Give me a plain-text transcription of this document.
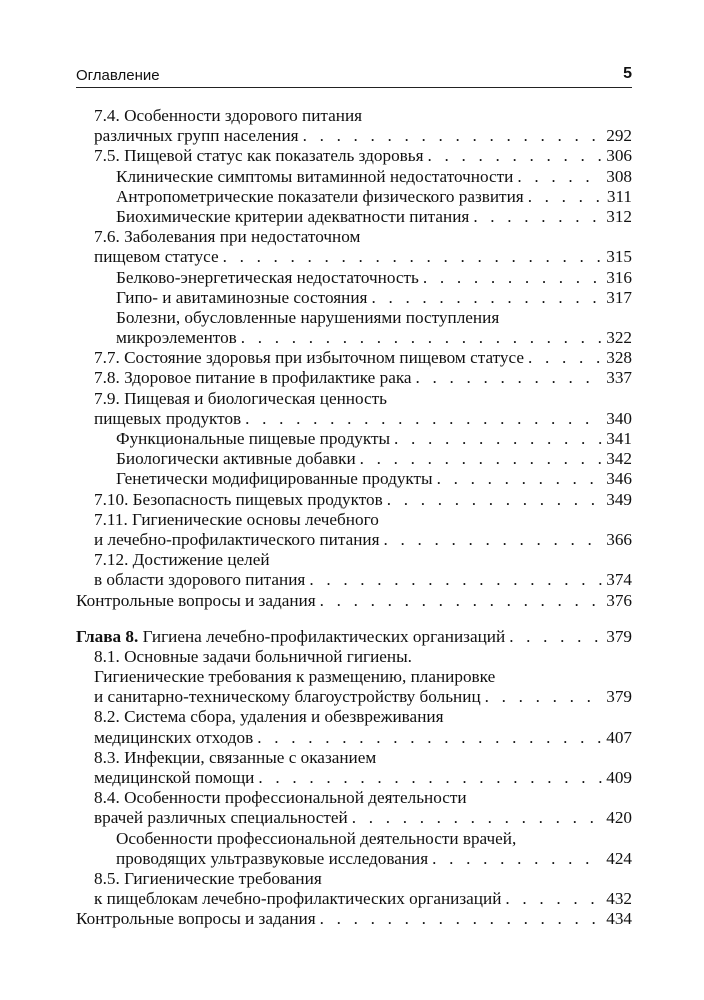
Оглавление	5
7.4. Особенности здорового питания
различных групп населения . . .	292
7.5. Пищевой статус как показатель здоровья . . .	306
Клинические симптомы витаминной недостаточности . . .	308
Антропометрические показатели физического развития . . .	311
Биохимические критерии адекватности питания . . .	312
7.6. Заболевания при недостаточном
пищевом статусе . . .	315
Белково-энергетическая недостаточность . . .	316
Гипо- и авитаминозные состояния . . .	317
Болезни, обусловленные нарушениями поступления
микроэлементов . . .	322
7.7. Состояние здоровья при избыточном пищевом статусе . . .	328
7.8. Здоровое питание в профилактике рака . . .	337
7.9. Пищевая и биологическая ценность
пищевых продуктов . . .	340
Функциональные пищевые продукты . . .	341
Биологически активные добавки . . .	342
Генетически модифицированные продукты . . .	346
7.10. Безопасность пищевых продуктов . . .	349
7.11. Гигиенические основы лечебного
и лечебно-профилактического питания . . .	366
7.12. Достижение целей
в области здорового питания . . .	374
Контрольные вопросы и задания . . .	376
Глава 8. Гигиена лечебно-профилактических организаций . . .	379
8.1. Основные задачи больничной гигиены.
Гигиенические требования к размещению, планировке
и санитарно-техническому благоустройству больниц . . .	379
8.2. Система сбора, удаления и обезвреживания
медицинских отходов . . .	407
8.3. Инфекции, связанные с оказанием
медицинской помощи . . .	409
8.4. Особенности профессиональной деятельности
врачей различных специальностей . . .	420
Особенности профессиональной деятельности врачей,
проводящих ультразвуковые исследования . . .	424
8.5. Гигиенические требования
к пищеблокам лечебно-профилактических организаций . . .	432
Контрольные вопросы и задания . . .	434
